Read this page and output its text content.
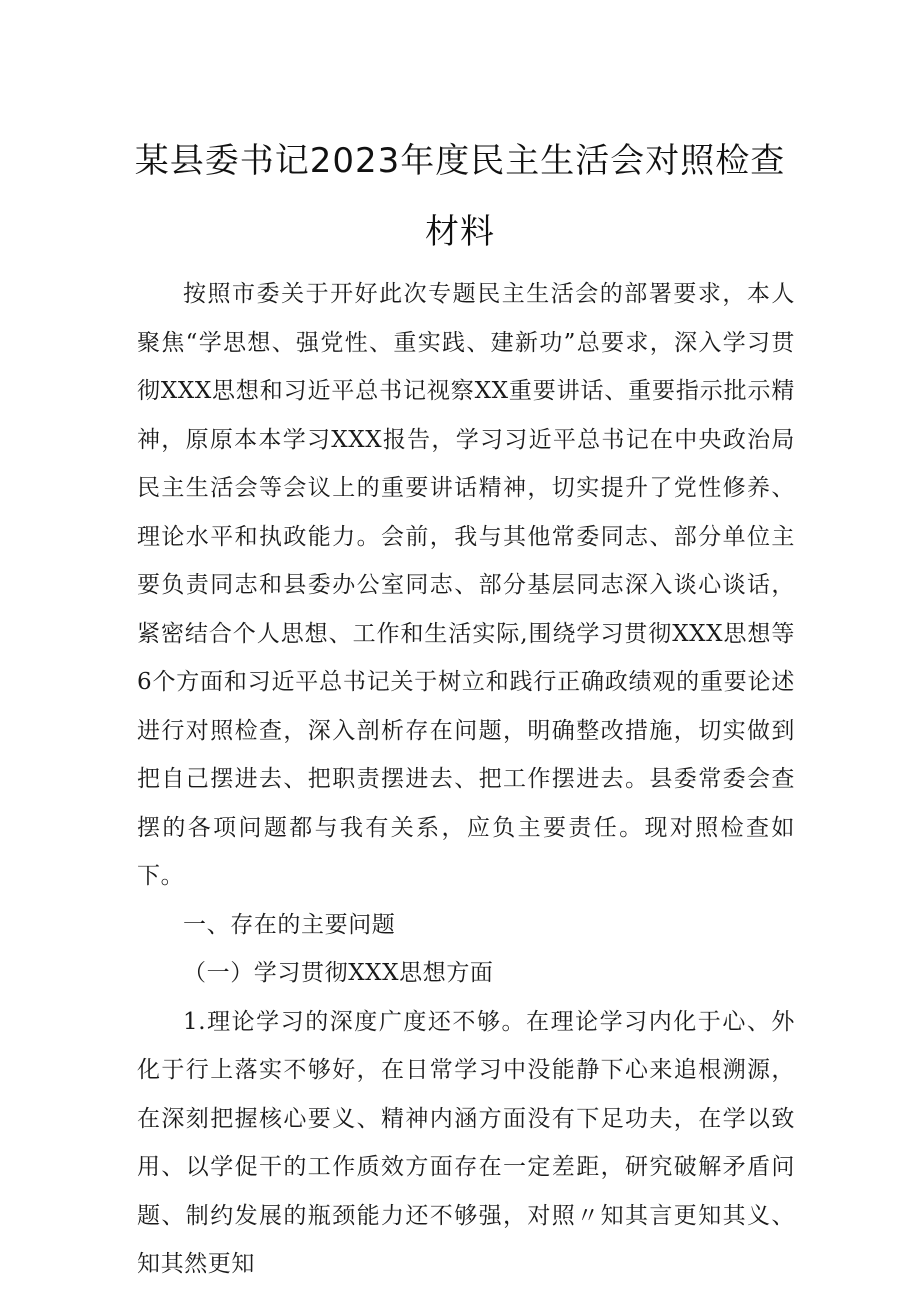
某县委书记2023年度民主生活会对照检查
材料

按照市委关于开好此次专题民主生活会的部署要求，本人聚焦“学思想、强党性、重实践、建新功”总要求，深入学习贯彻XXX思想和习近平总书记视察XX重要讲话、重要指示批示精神，原原本本学习XXX报告，学习习近平总书记在中央政治局民主生活会等会议上的重要讲话精神，切实提升了党性修养、理论水平和执政能力。会前，我与其他常委同志、部分单位主要负责同志和县委办公室同志、部分基层同志深入谈心谈话，紧密结合个人思想、工作和生活实际,围绕学习贯彻XXX思想等6个方面和习近平总书记关于树立和践行正确政绩观的重要论述进行对照检查，深入剖析存在问题，明确整改措施，切实做到把自己摆进去、把职责摆进去、把工作摆进去。县委常委会查摆的各项问题都与我有关系，应负主要责任。现对照检查如下。

一、存在的主要问题

（一）学习贯彻XXX思想方面

1.理论学习的深度广度还不够。在理论学习内化于心、外化于行上落实不够好，在日常学习中没能静下心来追根溯源，在深刻把握核心要义、精神内涵方面没有下足功夫，在学以致用、以学促干的工作质效方面存在一定差距，研究破解矛盾问题、制约发展的瓶颈能力还不够强，对照〃知其言更知其义、知其然更知
